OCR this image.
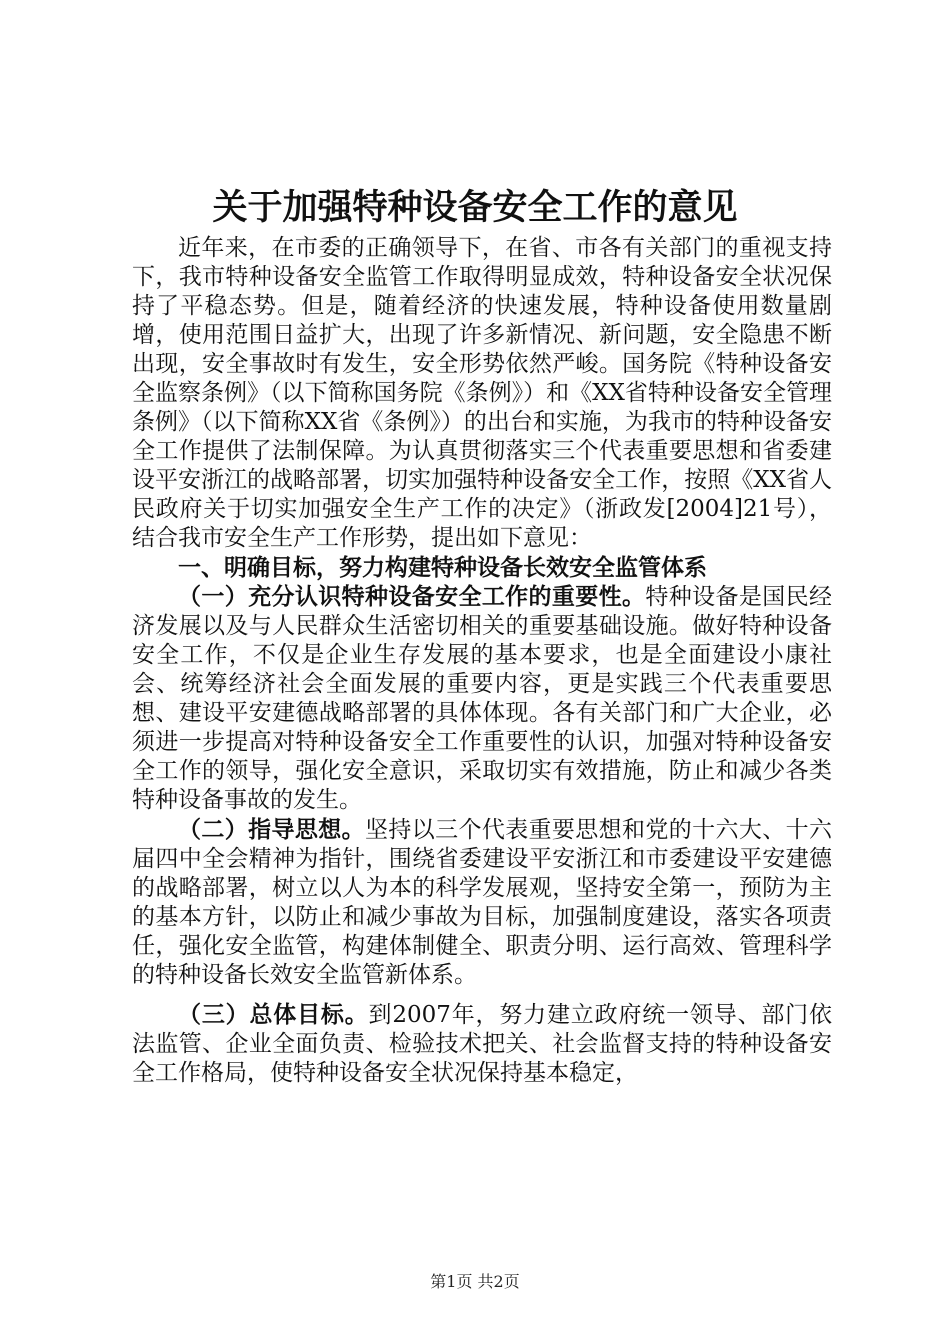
关于加强特种设备安全工作的意见

近年来，在市委的正确领导下，在省、市各有关部门的重视支持下，我市特种设备安全监管工作取得明显成效，特种设备安全状况保持了平稳态势。但是，随着经济的快速发展，特种设备使用数量剧增，使用范围日益扩大，出现了许多新情况、新问题，安全隐患不断出现，安全事故时有发生，安全形势依然严峻。国务院《特种设备安全监察条例》（以下简称国务院《条例》）和《XX省特种设备安全管理条例》（以下简称XX省《条例》）的出台和实施，为我市的特种设备安全工作提供了法制保障。为认真贯彻落实三个代表重要思想和省委建设平安浙江的战略部署，切实加强特种设备安全工作，按照《XX省人民政府关于切实加强安全生产工作的决定》（浙政发[2004]21号），结合我市安全生产工作形势，提出如下意见：

一、明确目标，努力构建特种设备长效安全监管体系

（一）充分认识特种设备安全工作的重要性。特种设备是国民经济发展以及与人民群众生活密切相关的重要基础设施。做好特种设备安全工作，不仅是企业生存发展的基本要求，也是全面建设小康社会、统筹经济社会全面发展的重要内容，更是实践三个代表重要思想、建设平安建德战略部署的具体体现。各有关部门和广大企业，必须进一步提高对特种设备安全工作重要性的认识，加强对特种设备安全工作的领导，强化安全意识，采取切实有效措施，防止和减少各类特种设备事故的发生。

（二）指导思想。坚持以三个代表重要思想和党的十六大、十六届四中全会精神为指针，围绕省委建设平安浙江和市委建设平安建德的战略部署，树立以人为本的科学发展观，坚持安全第一，预防为主的基本方针，以防止和减少事故为目标，加强制度建设，落实各项责任，强化安全监管，构建体制健全、职责分明、运行高效、管理科学的特种设备长效安全监管新体系。

（三）总体目标。到2007年，努力建立政府统一领导、部门依法监管、企业全面负责、检验技术把关、社会监督支持的特种设备安全工作格局，使特种设备安全状况保持基本稳定，

第1页 共2页
